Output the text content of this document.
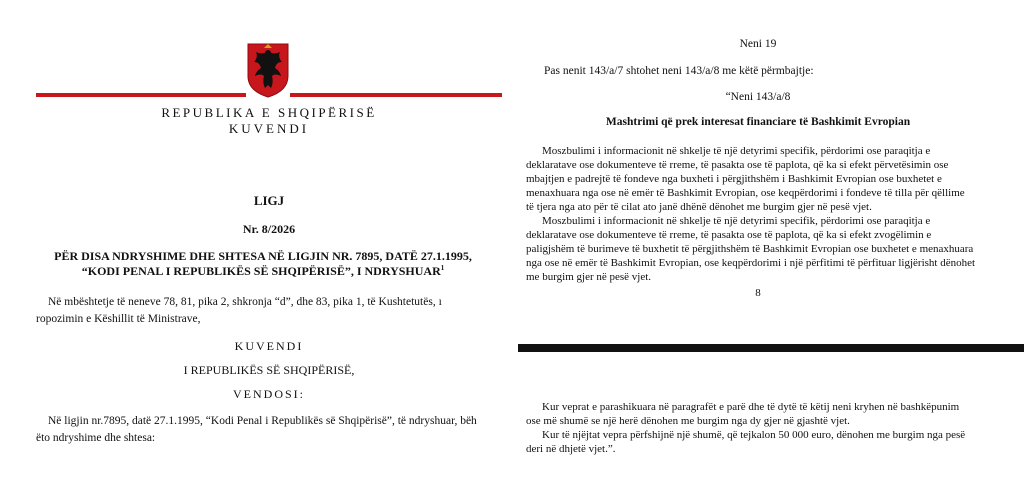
REPUBLIKA E SHQIPËRISË
KUVENDI
LIGJ
Nr. 8/2026
PËR DISA NDRYSHIME DHE SHTESA NË LIGJIN NR. 7895, DATË 27.1.1995,
“KODI PENAL I REPUBLIKËS SË SHQIPËRISË”, I NDRYSHUAR$^1$
Në mbështetje të neneve 78, 81, pika 2, shkronja “d”, dhe 83, pika 1, të Kushtetutës, ı
ropozimin e Këshillit të Ministrave,
KUVENDI
I REPUBLIKËS SË SHQIPËRISË,
VENDOSI:
Në ligjin nr.7895, datë 27.1.1995, “Kodi Penal i Republikës së Shqipërisë”, të ndryshuar, bëh
ëto ndryshime dhe shtesa:
Neni 19
Pas nenit 143/a/7 shtohet neni 143/a/8 me këtë përmbajtje:
“Neni 143/a/8
Mashtrimi që prek interesat financiare të Bashkimit Evropian
Moszbulimi i informacionit në shkelje të një detyrimi specifik, përdorimi ose paraqitja e
deklaratave ose dokumenteve të rreme, të pasakta ose të paplota, që ka si efekt përvetësimin ose
mbajtjen e padrejtë të fondeve nga buxheti i përgjithshëm i Bashkimit Evropian ose buxhetet e
menaxhuara nga ose në emër të Bashkimit Evropian, ose keqpërdorimi i fondeve të tilla për qëllime
të tjera nga ato për të cilat ato janë dhënë dënohet me burgim gjer në pesë vjet.
Moszbulimi i informacionit në shkelje të një detyrimi specifik, përdorimi ose paraqitja e
deklaratave ose dokumenteve të rreme, të pasakta ose të paplota, që ka si efekt zvogëlimin e
paligjshëm të burimeve të buxhetit të përgjithshëm të Bashkimit Evropian ose buxhetet e menaxhuara
nga ose në emër të Bashkimit Evropian, ose keqpërdorimi i një përfitimi të përfituar ligjërisht dënohet
me burgim gjer në pesë vjet.
8
Kur veprat e parashikuara në paragrafët e parë dhe të dytë të këtij neni kryhen në bashkëpunim
ose më shumë se një herë dënohen me burgim nga dy gjer në gjashtë vjet.
Kur të njëjtat vepra përfshijnë një shumë, që tejkalon 50 000 euro, dënohen me burgim nga pesë
deri në dhjetë vjet.”.
